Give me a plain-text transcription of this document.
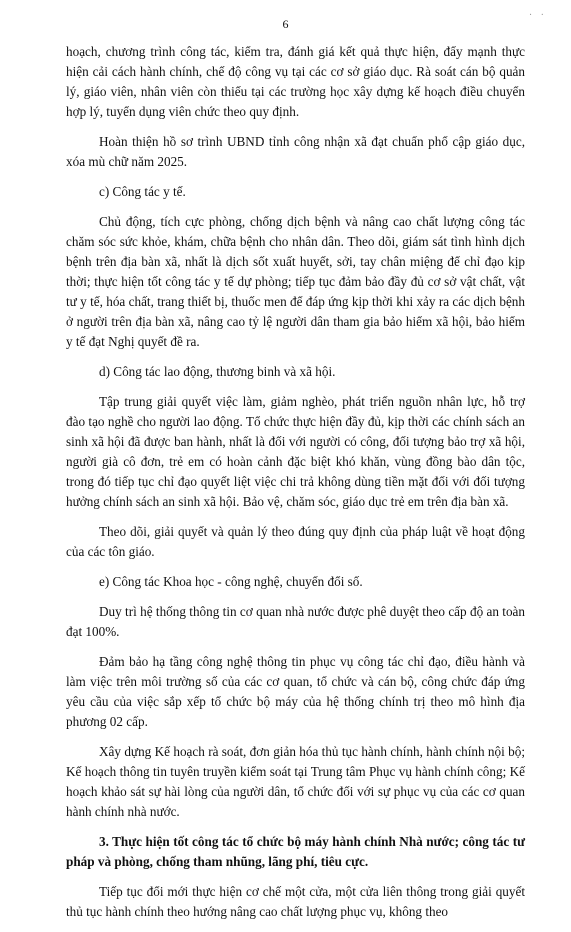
6
· ·

hoạch, chương trình công tác, kiểm tra, đánh giá kết quả thực hiện, đẩy mạnh thực hiện cải cách hành chính, chế độ công vụ tại các cơ sở giáo dục. Rà soát cán bộ quản lý, giáo viên, nhân viên còn thiếu tại các trường học xây dựng kế hoạch điều chuyển hợp lý, tuyển dụng viên chức theo quy định.

Hoàn thiện hồ sơ trình UBND tỉnh công nhận xã đạt chuẩn phổ cập giáo dục, xóa mù chữ năm 2025.

c) Công tác y tế.

Chủ động, tích cực phòng, chống dịch bệnh và nâng cao chất lượng công tác chăm sóc sức khỏe, khám, chữa bệnh cho nhân dân. Theo dõi, giám sát tình hình dịch bệnh trên địa bàn xã, nhất là dịch sốt xuất huyết, sởi, tay chân miệng để chỉ đạo kịp thời; thực hiện tốt công tác y tế dự phòng; tiếp tục đảm bảo đầy đủ cơ sở vật chất, vật tư y tế, hóa chất, trang thiết bị, thuốc men để đáp ứng kịp thời khi xảy ra các dịch bệnh ở người trên địa bàn xã, nâng cao tỷ lệ người dân tham gia bảo hiểm xã hội, bảo hiểm y tế đạt Nghị quyết đề ra.

d) Công tác lao động, thương binh và xã hội.

Tập trung giải quyết việc làm, giảm nghèo, phát triển nguồn nhân lực, hỗ trợ đào tạo nghề cho người lao động. Tổ chức thực hiện đầy đủ, kịp thời các chính sách an sinh xã hội đã được ban hành, nhất là đối với người có công, đối tượng bảo trợ xã hội, người già cô đơn, trẻ em có hoàn cảnh đặc biệt khó khăn, vùng đồng bào dân tộc, trong đó tiếp tục chỉ đạo quyết liệt việc chi trả không dùng tiền mặt đối với đối tượng hưởng chính sách an sinh xã hội. Bảo vệ, chăm sóc, giáo dục trẻ em trên địa bàn xã.

Theo dõi, giải quyết và quản lý theo đúng quy định của pháp luật về hoạt động của các tôn giáo.

e) Công tác Khoa học - công nghệ, chuyển đổi số.

Duy trì hệ thống thông tin cơ quan nhà nước được phê duyệt theo cấp độ an toàn đạt 100%.

Đảm bảo hạ tầng công nghệ thông tin phục vụ công tác chỉ đạo, điều hành và làm việc trên môi trường số của các cơ quan, tổ chức và cán bộ, công chức đáp ứng yêu cầu của việc sắp xếp tổ chức bộ máy của hệ thống chính trị theo mô hình địa phương 02 cấp.

Xây dựng Kế hoạch rà soát, đơn giản hóa thủ tục hành chính, hành chính nội bộ; Kế hoạch thông tin tuyên truyền kiểm soát tại Trung tâm Phục vụ hành chính công; Kế hoạch khảo sát sự hài lòng của người dân, tổ chức đối với sự phục vụ của các cơ quan hành chính nhà nước.

3. Thực hiện tốt công tác tổ chức bộ máy hành chính Nhà nước; công tác tư pháp và phòng, chống tham nhũng, lãng phí, tiêu cực.

Tiếp tục đổi mới thực hiện cơ chế một cửa, một cửa liên thông trong giải quyết thủ tục hành chính theo hướng nâng cao chất lượng phục vụ, không theo
